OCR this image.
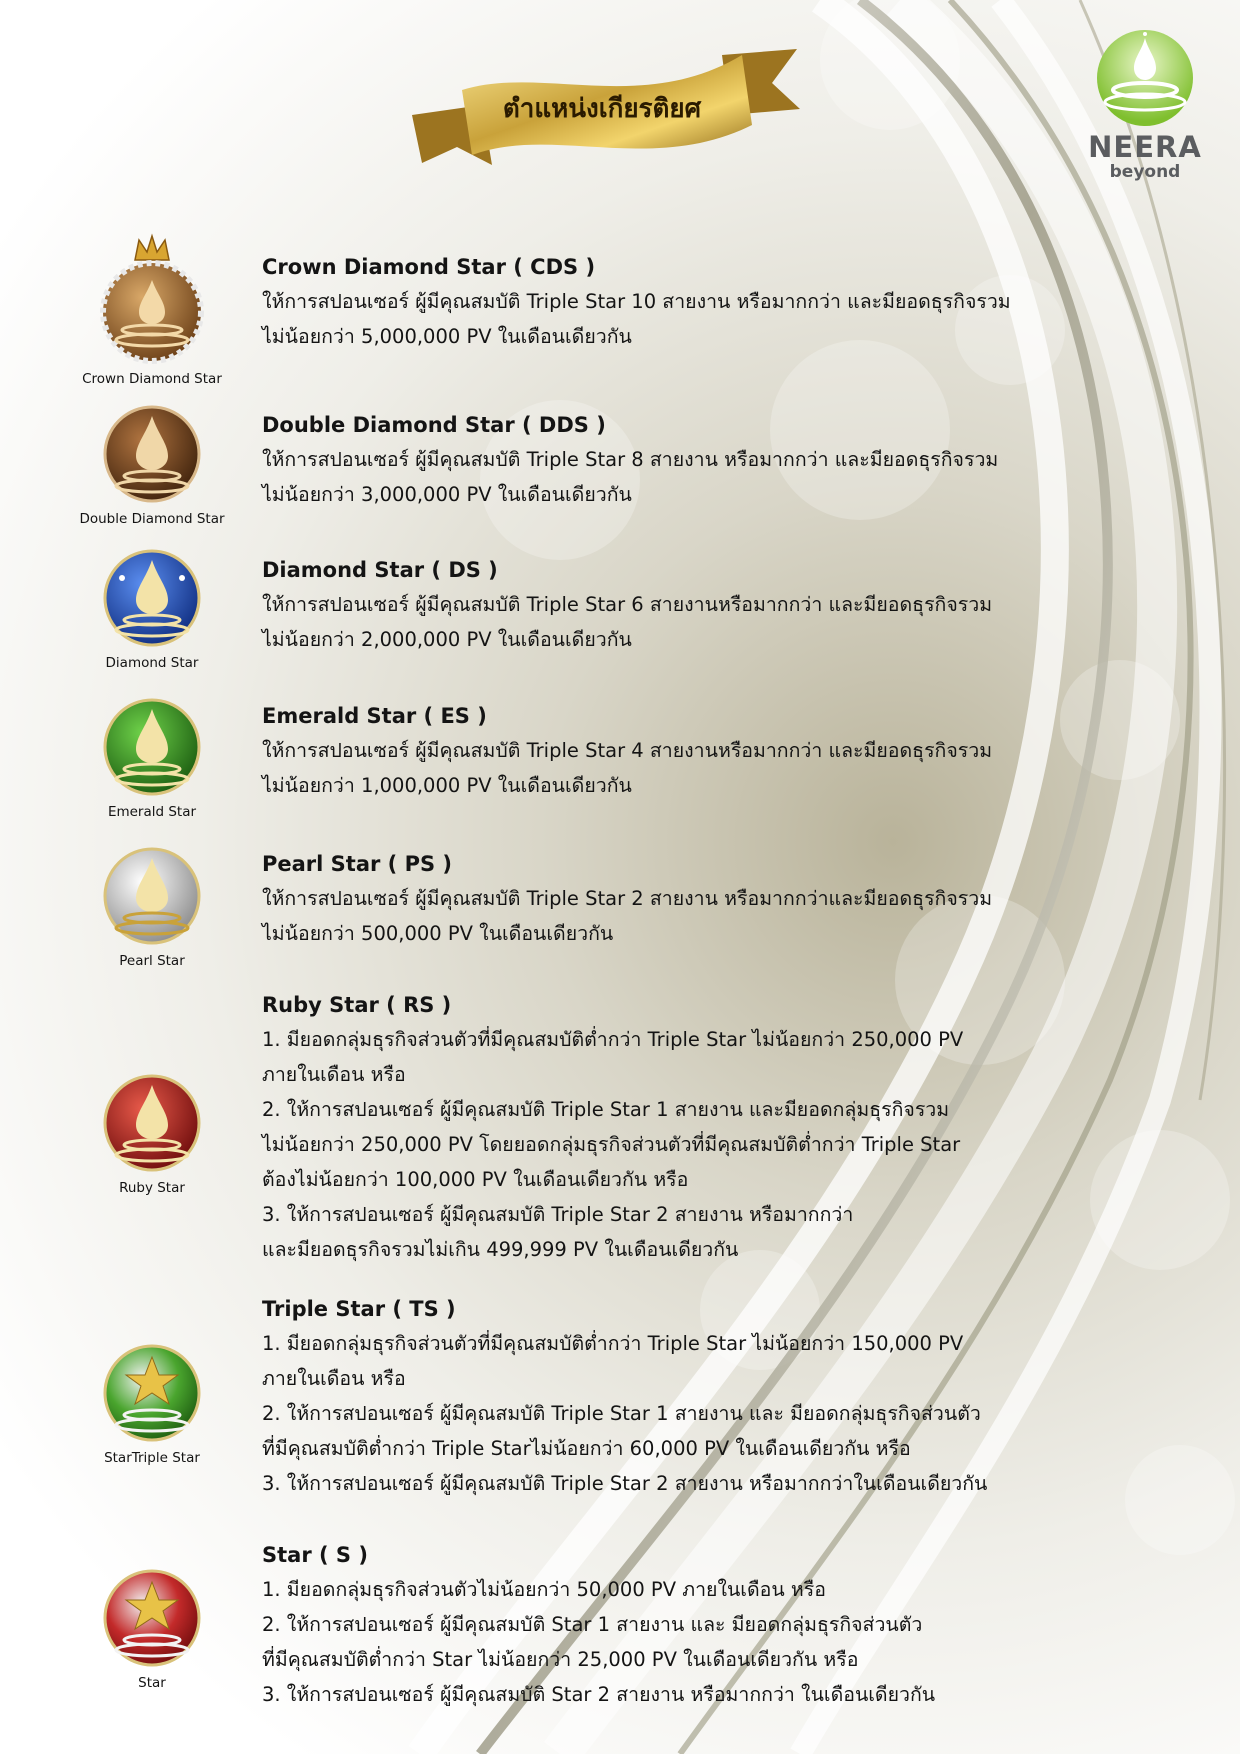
NEERA
beyond
ตำแหน่งเกียรติยศ
Crown Diamond Star
Crown Diamond Star ( CDS )
ให้การสปอนเซอร์ ผู้มีคุณสมบัติ Triple Star 10 สายงาน หรือมากกว่า และมียอดธุรกิจรวม
ไม่น้อยกว่า 5,000,000 PV ในเดือนเดียวกัน
Double Diamond Star
Double Diamond Star ( DDS )
ให้การสปอนเซอร์ ผู้มีคุณสมบัติ Triple Star 8 สายงาน หรือมากกว่า และมียอดธุรกิจรวม
ไม่น้อยกว่า 3,000,000 PV ในเดือนเดียวกัน
Diamond Star
Diamond Star ( DS )
ให้การสปอนเซอร์ ผู้มีคุณสมบัติ Triple Star 6 สายงานหรือมากกว่า และมียอดธุรกิจรวม
ไม่น้อยกว่า 2,000,000 PV ในเดือนเดียวกัน
Emerald Star
Emerald Star ( ES )
ให้การสปอนเซอร์ ผู้มีคุณสมบัติ Triple Star 4 สายงานหรือมากกว่า และมียอดธุรกิจรวม
ไม่น้อยกว่า 1,000,000 PV ในเดือนเดียวกัน
Pearl Star
Pearl Star ( PS )
ให้การสปอนเซอร์ ผู้มีคุณสมบัติ Triple Star 2 สายงาน หรือมากกว่าและมียอดธุรกิจรวม
ไม่น้อยกว่า 500,000 PV ในเดือนเดียวกัน
Ruby Star
Ruby Star ( RS )
1. มียอดกลุ่มธุรกิจส่วนตัวที่มีคุณสมบัติต่ำกว่า Triple Star ไม่น้อยกว่า 250,000 PV
ภายในเดือน หรือ
2. ให้การสปอนเซอร์ ผู้มีคุณสมบัติ Triple Star 1 สายงาน และมียอดกลุ่มธุรกิจรวม
ไม่น้อยกว่า 250,000 PV โดยยอดกลุ่มธุรกิจส่วนตัวที่มีคุณสมบัติต่ำกว่า Triple Star
ต้องไม่น้อยกว่า 100,000 PV ในเดือนเดียวกัน หรือ
3. ให้การสปอนเซอร์ ผู้มีคุณสมบัติ Triple Star 2 สายงาน หรือมากกว่า
และมียอดธุรกิจรวมไม่เกิน 499,999 PV ในเดือนเดียวกัน
StarTriple Star
Triple Star ( TS )
1. มียอดกลุ่มธุรกิจส่วนตัวที่มีคุณสมบัติต่ำกว่า Triple Star ไม่น้อยกว่า 150,000 PV
ภายในเดือน หรือ
2. ให้การสปอนเซอร์ ผู้มีคุณสมบัติ Triple Star 1 สายงาน และ มียอดกลุ่มธุรกิจส่วนตัว
ที่มีคุณสมบัติต่ำกว่า Triple Starไม่น้อยกว่า 60,000 PV ในเดือนเดียวกัน หรือ
3. ให้การสปอนเซอร์ ผู้มีคุณสมบัติ Triple Star 2 สายงาน หรือมากกว่าในเดือนเดียวกัน
Star
Star ( S )
1. มียอดกลุ่มธุรกิจส่วนตัวไม่น้อยกว่า 50,000 PV ภายในเดือน หรือ
2. ให้การสปอนเซอร์ ผู้มีคุณสมบัติ Star 1 สายงาน และ มียอดกลุ่มธุรกิจส่วนตัว
ที่มีคุณสมบัติต่ำกว่า Star ไม่น้อยกว่า 25,000 PV ในเดือนเดียวกัน หรือ
3. ให้การสปอนเซอร์ ผู้มีคุณสมบัติ Star 2 สายงาน หรือมากกว่า ในเดือนเดียวกัน
